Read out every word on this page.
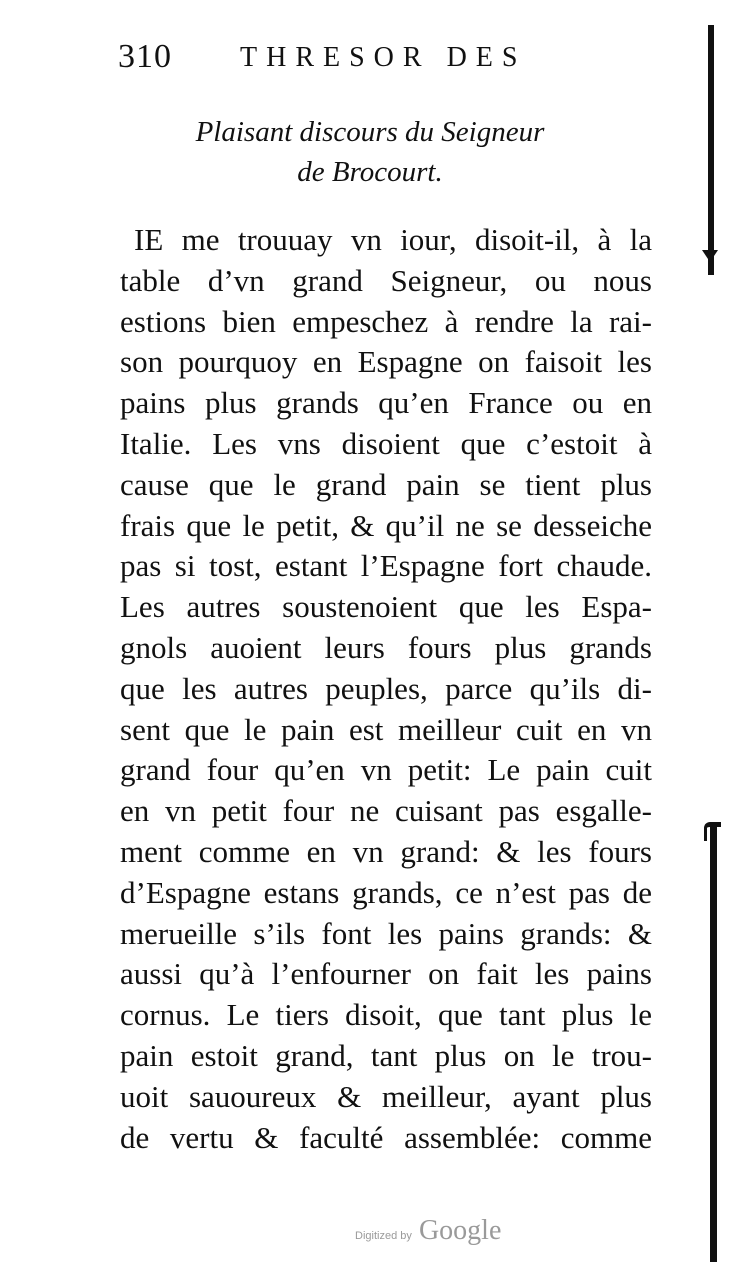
310 THRESOR DES
Plaisant discours du Seigneur
de Brocourt.
IE me trouuay vn iour, disoit-il, à la
table d’vn grand Seigneur, ou nous
estions bien empeschez à rendre la rai-
son pourquoy en Espagne on faisoit les
pains plus grands qu’en France ou en
Italie. Les vns disoient que c’estoit à
cause que le grand pain se tient plus
frais que le petit, & qu’il ne se desseiche
pas si tost, estant l’Espagne fort chaude.
Les autres soustenoient que les Espa-
gnols auoient leurs fours plus grands
que les autres peuples, parce qu’ils di-
sent que le pain est meilleur cuit en vn
grand four qu’en vn petit: Le pain cuit
en vn petit four ne cuisant pas esgalle-
ment comme en vn grand: & les fours
d’Espagne estans grands, ce n’est pas de
merueille s’ils font les pains grands: &
aussi qu’à l’enfourner on fait les pains
cornus. Le tiers disoit, que tant plus le
pain estoit grand, tant plus on le trou-
uoit sauoureux & meilleur, ayant plus
de vertu & faculté assemblée: comme
Digitized by Google
